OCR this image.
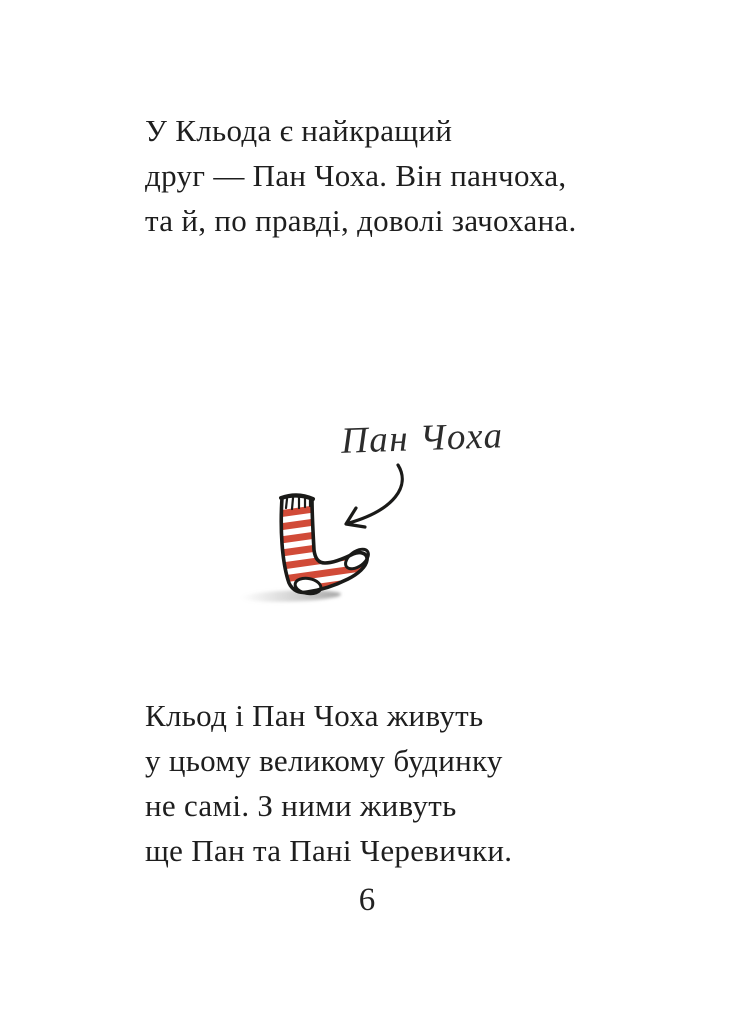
У Кльода є найкращий
друг — Пан Чоха. Він панчоха,
та й, по правді, доволі зачохана.
Пан Чоха
Кльод і Пан Чоха живуть
у цьому великому будинку
не самі. З ними живуть
ще Пан та Пані Черевички.
6
